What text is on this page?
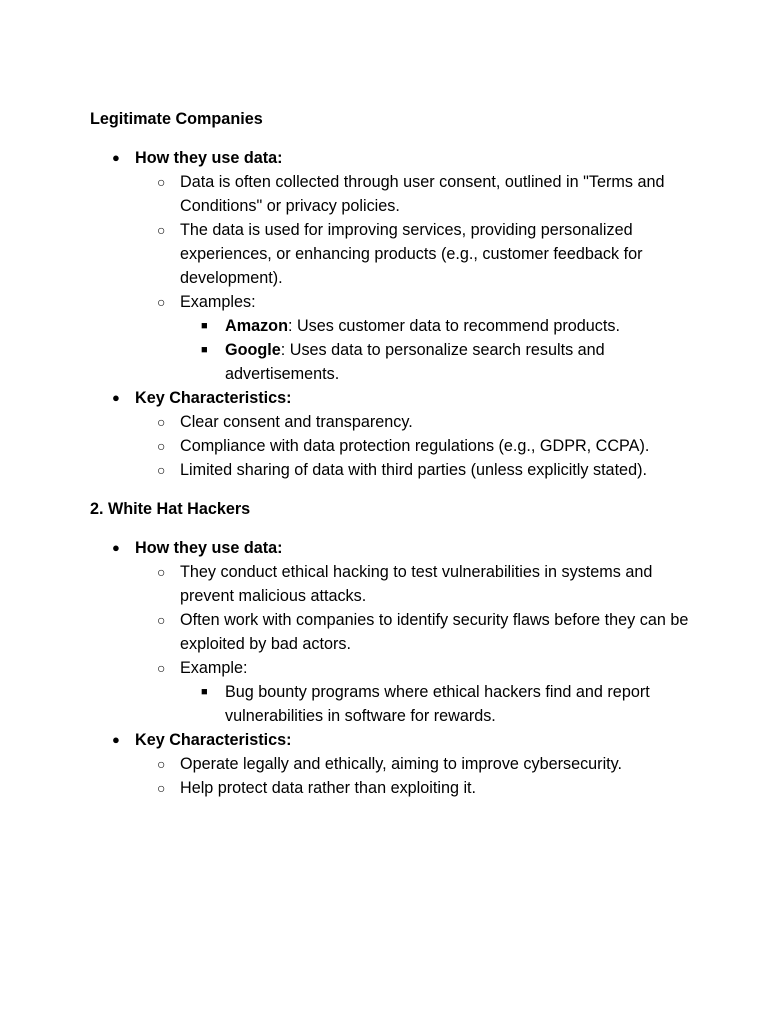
Legitimate Companies
● How they use data:
○ Data is often collected through user consent, outlined in "Terms and Conditions" or privacy policies.
○ The data is used for improving services, providing personalized experiences, or enhancing products (e.g., customer feedback for development).
○ Examples:
■ Amazon: Uses customer data to recommend products.
■ Google: Uses data to personalize search results and advertisements.
● Key Characteristics:
○ Clear consent and transparency.
○ Compliance with data protection regulations (e.g., GDPR, CCPA).
○ Limited sharing of data with third parties (unless explicitly stated).
2. White Hat Hackers
● How they use data:
○ They conduct ethical hacking to test vulnerabilities in systems and prevent malicious attacks.
○ Often work with companies to identify security flaws before they can be exploited by bad actors.
○ Example:
■ Bug bounty programs where ethical hackers find and report vulnerabilities in software for rewards.
● Key Characteristics:
○ Operate legally and ethically, aiming to improve cybersecurity.
○ Help protect data rather than exploiting it.
